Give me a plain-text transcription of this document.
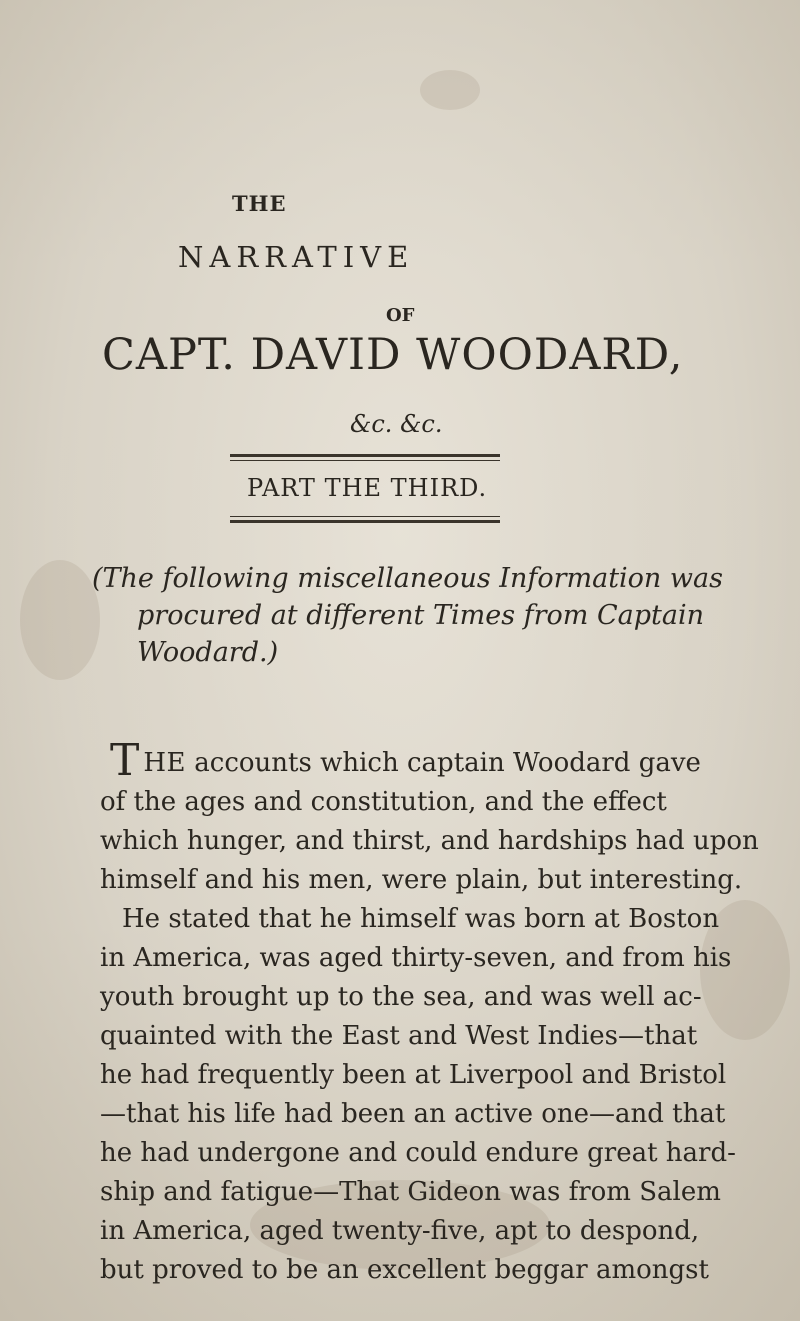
THE
NARRATIVE
OF
CAPT. DAVID WOODARD,
&c. &c.
PART THE THIRD.

(The following miscellaneous Information was
procured at different Times from Captain
Woodard.)

THE accounts which captain Woodard gave
of the ages and constitution, and the effect
which hunger, and thirst, and hardships had upon
himself and his men, were plain, but interesting.
He stated that he himself was born at Boston
in America, was aged thirty-seven, and from his
youth brought up to the sea, and was well ac-
quainted with the East and West Indies—that
he had frequently been at Liverpool and Bristol
—that his life had been an active one—and that
he had undergone and could endure great hard-
ship and fatigue—That Gideon was from Salem
in America, aged twenty-five, apt to despond,
but proved to be an excellent beggar amongst
